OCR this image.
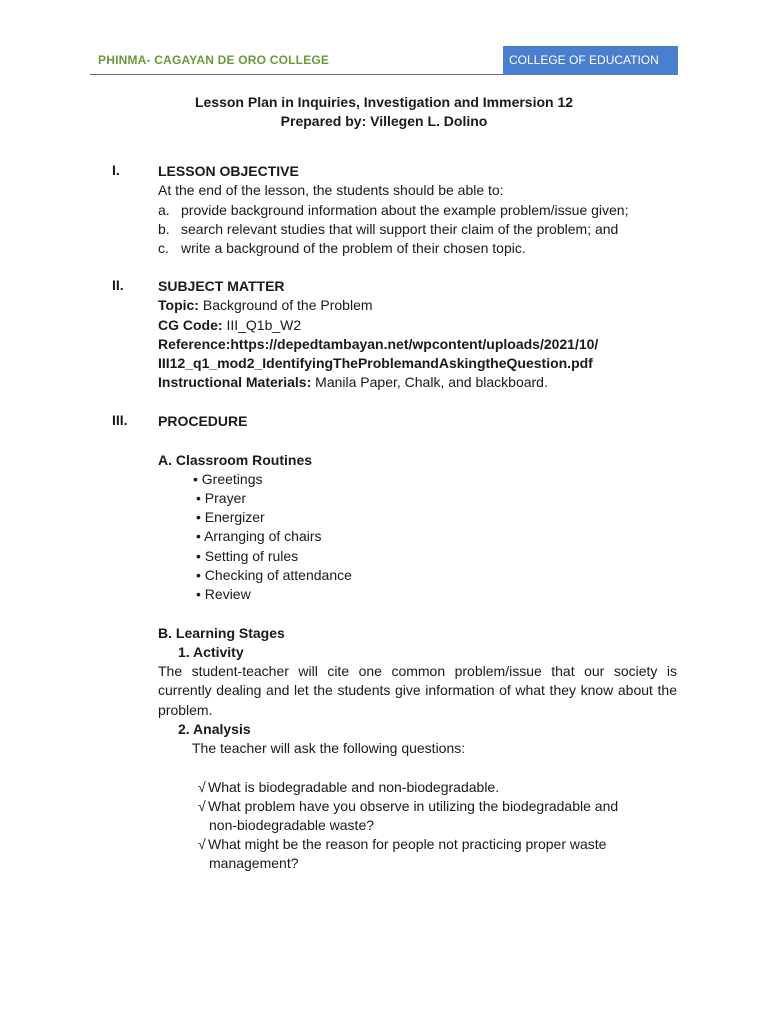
PHINMA- CAGAYAN DE ORO COLLEGE	COLLEGE OF EDUCATION
Lesson Plan in Inquiries, Investigation and Immersion 12
Prepared by: Villegen L. Dolino
I.	LESSON OBJECTIVE
At the end of the lesson, the students should be able to:
a. provide background information about the example problem/issue given;
b. search relevant studies that will support their claim of the problem; and
c. write a background of the problem of their chosen topic.
II. SUBJECT MATTER
Topic: Background of the Problem
CG Code: III_Q1b_W2
Reference:https://depedtambayan.net/wpcontent/uploads/2021/10/
III12_q1_mod2_IdentifyingTheProblemandAskingtheQuestion.pdf
Instructional Materials: Manila Paper, Chalk, and blackboard.
III. PROCEDURE
A. Classroom Routines
• Greetings
• Prayer
• Energizer
• Arranging of chairs
• Setting of rules
• Checking of attendance
• Review
B. Learning Stages
1. Activity
The student-teacher will cite one common problem/issue that our society is currently dealing and let the students give information of what they know about the problem.
2. Analysis
The teacher will ask the following questions:
√ What is biodegradable and non-biodegradable.
√ What problem have you observe in utilizing the biodegradable and
non-biodegradable waste?
√ What might be the reason for people not practicing proper waste
management?
